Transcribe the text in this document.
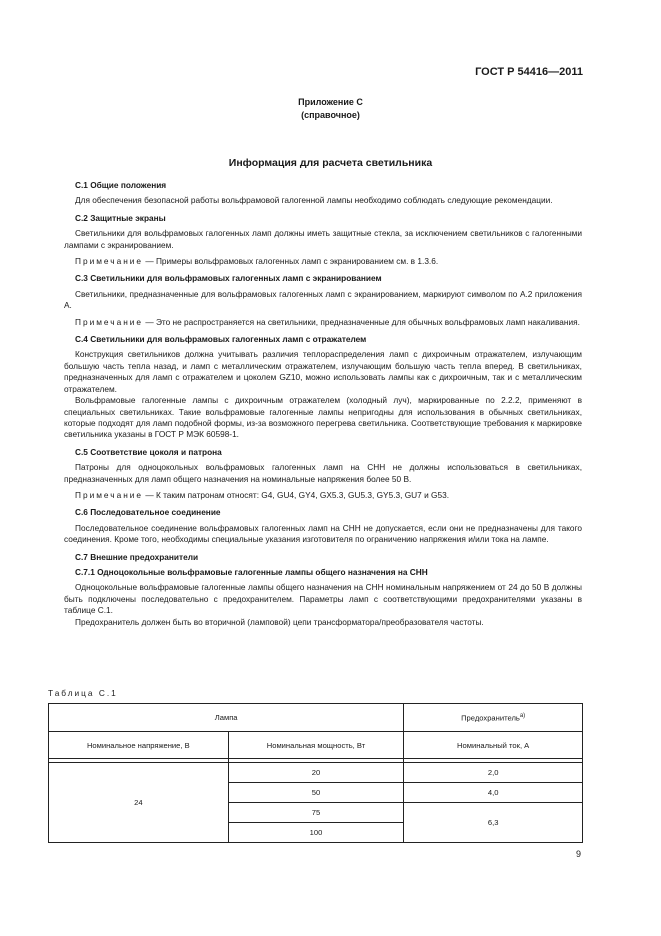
ГОСТ Р 54416—2011
Приложение С
(справочное)
Информация для расчета светильника
С.1 Общие положения
Для обеспечения безопасной работы вольфрамовой галогенной лампы необходимо соблюдать следующие рекомендации.
С.2 Защитные экраны
Светильники для вольфрамовых галогенных ламп должны иметь защитные стекла, за исключением светильников с галогенными лампами с экранированием.
Примечание — Примеры вольфрамовых галогенных ламп с экранированием см. в 1.3.6.
С.3 Светильники для вольфрамовых галогенных ламп с экранированием
Светильники, предназначенные для вольфрамовых галогенных ламп с экранированием, маркируют символом по А.2 приложения А.
Примечание — Это не распространяется на светильники, предназначенные для обычных вольфрамовых ламп накаливания.
С.4 Светильники для вольфрамовых галогенных ламп с отражателем
Конструкция светильников должна учитывать различия теплораспределения ламп с дихроичным отражателем, излучающим большую часть тепла назад, и ламп с металлическим отражателем, излучающим большую часть тепла вперед. В светильниках, предназначенных для ламп с отражателем и цоколем GZ10, можно использовать лампы как с дихроичным, так и с металлическим отражателем.
Вольфрамовые галогенные лампы с дихроичным отражателем (холодный луч), маркированные по 2.2.2, применяют в специальных светильниках. Такие вольфрамовые галогенные лампы непригодны для использования в обычных светильниках, которые подходят для ламп подобной формы, из-за возможного перегрева светильника. Соответствующие требования к маркировке светильника указаны в ГОСТ Р МЭК 60598-1.
С.5 Соответствие цоколя и патрона
Патроны для одноцокольных вольфрамовых галогенных ламп на СНН не должны использоваться в светильниках, предназначенных для ламп общего назначения на номинальные напряжения более 50 В.
Примечание — К таким патронам относят: G4, GU4, GY4, GX5.3, GU5.3, GY5.3, GU7 и G53.
С.6 Последовательное соединение
Последовательное соединение вольфрамовых галогенных ламп на СНН не допускается, если они не предназначены для такого соединения. Кроме того, необходимы специальные указания изготовителя по ограничению напряжения и/или тока на лампе.
С.7 Внешние предохранители
С.7.1 Одноцокольные вольфрамовые галогенные лампы общего назначения на СНН
Одноцокольные вольфрамовые галогенные лампы общего назначения на СНН номинальным напряжением от 24 до 50 В должны быть подключены последовательно с предохранителем. Параметры ламп с соответствующими предохранителями указаны в таблице С.1.
Предохранитель должен быть во вторичной (ламповой) цепи трансформатора/преобразователя частоты.
Таблица С.1
Лампа		Предохранитель$^{а)}$
Номинальное напряжение, В	Номинальная мощность, Вт	Номинальный ток, А

24	20	2,0
	50	4,0
	75	6,3
	100	
9
